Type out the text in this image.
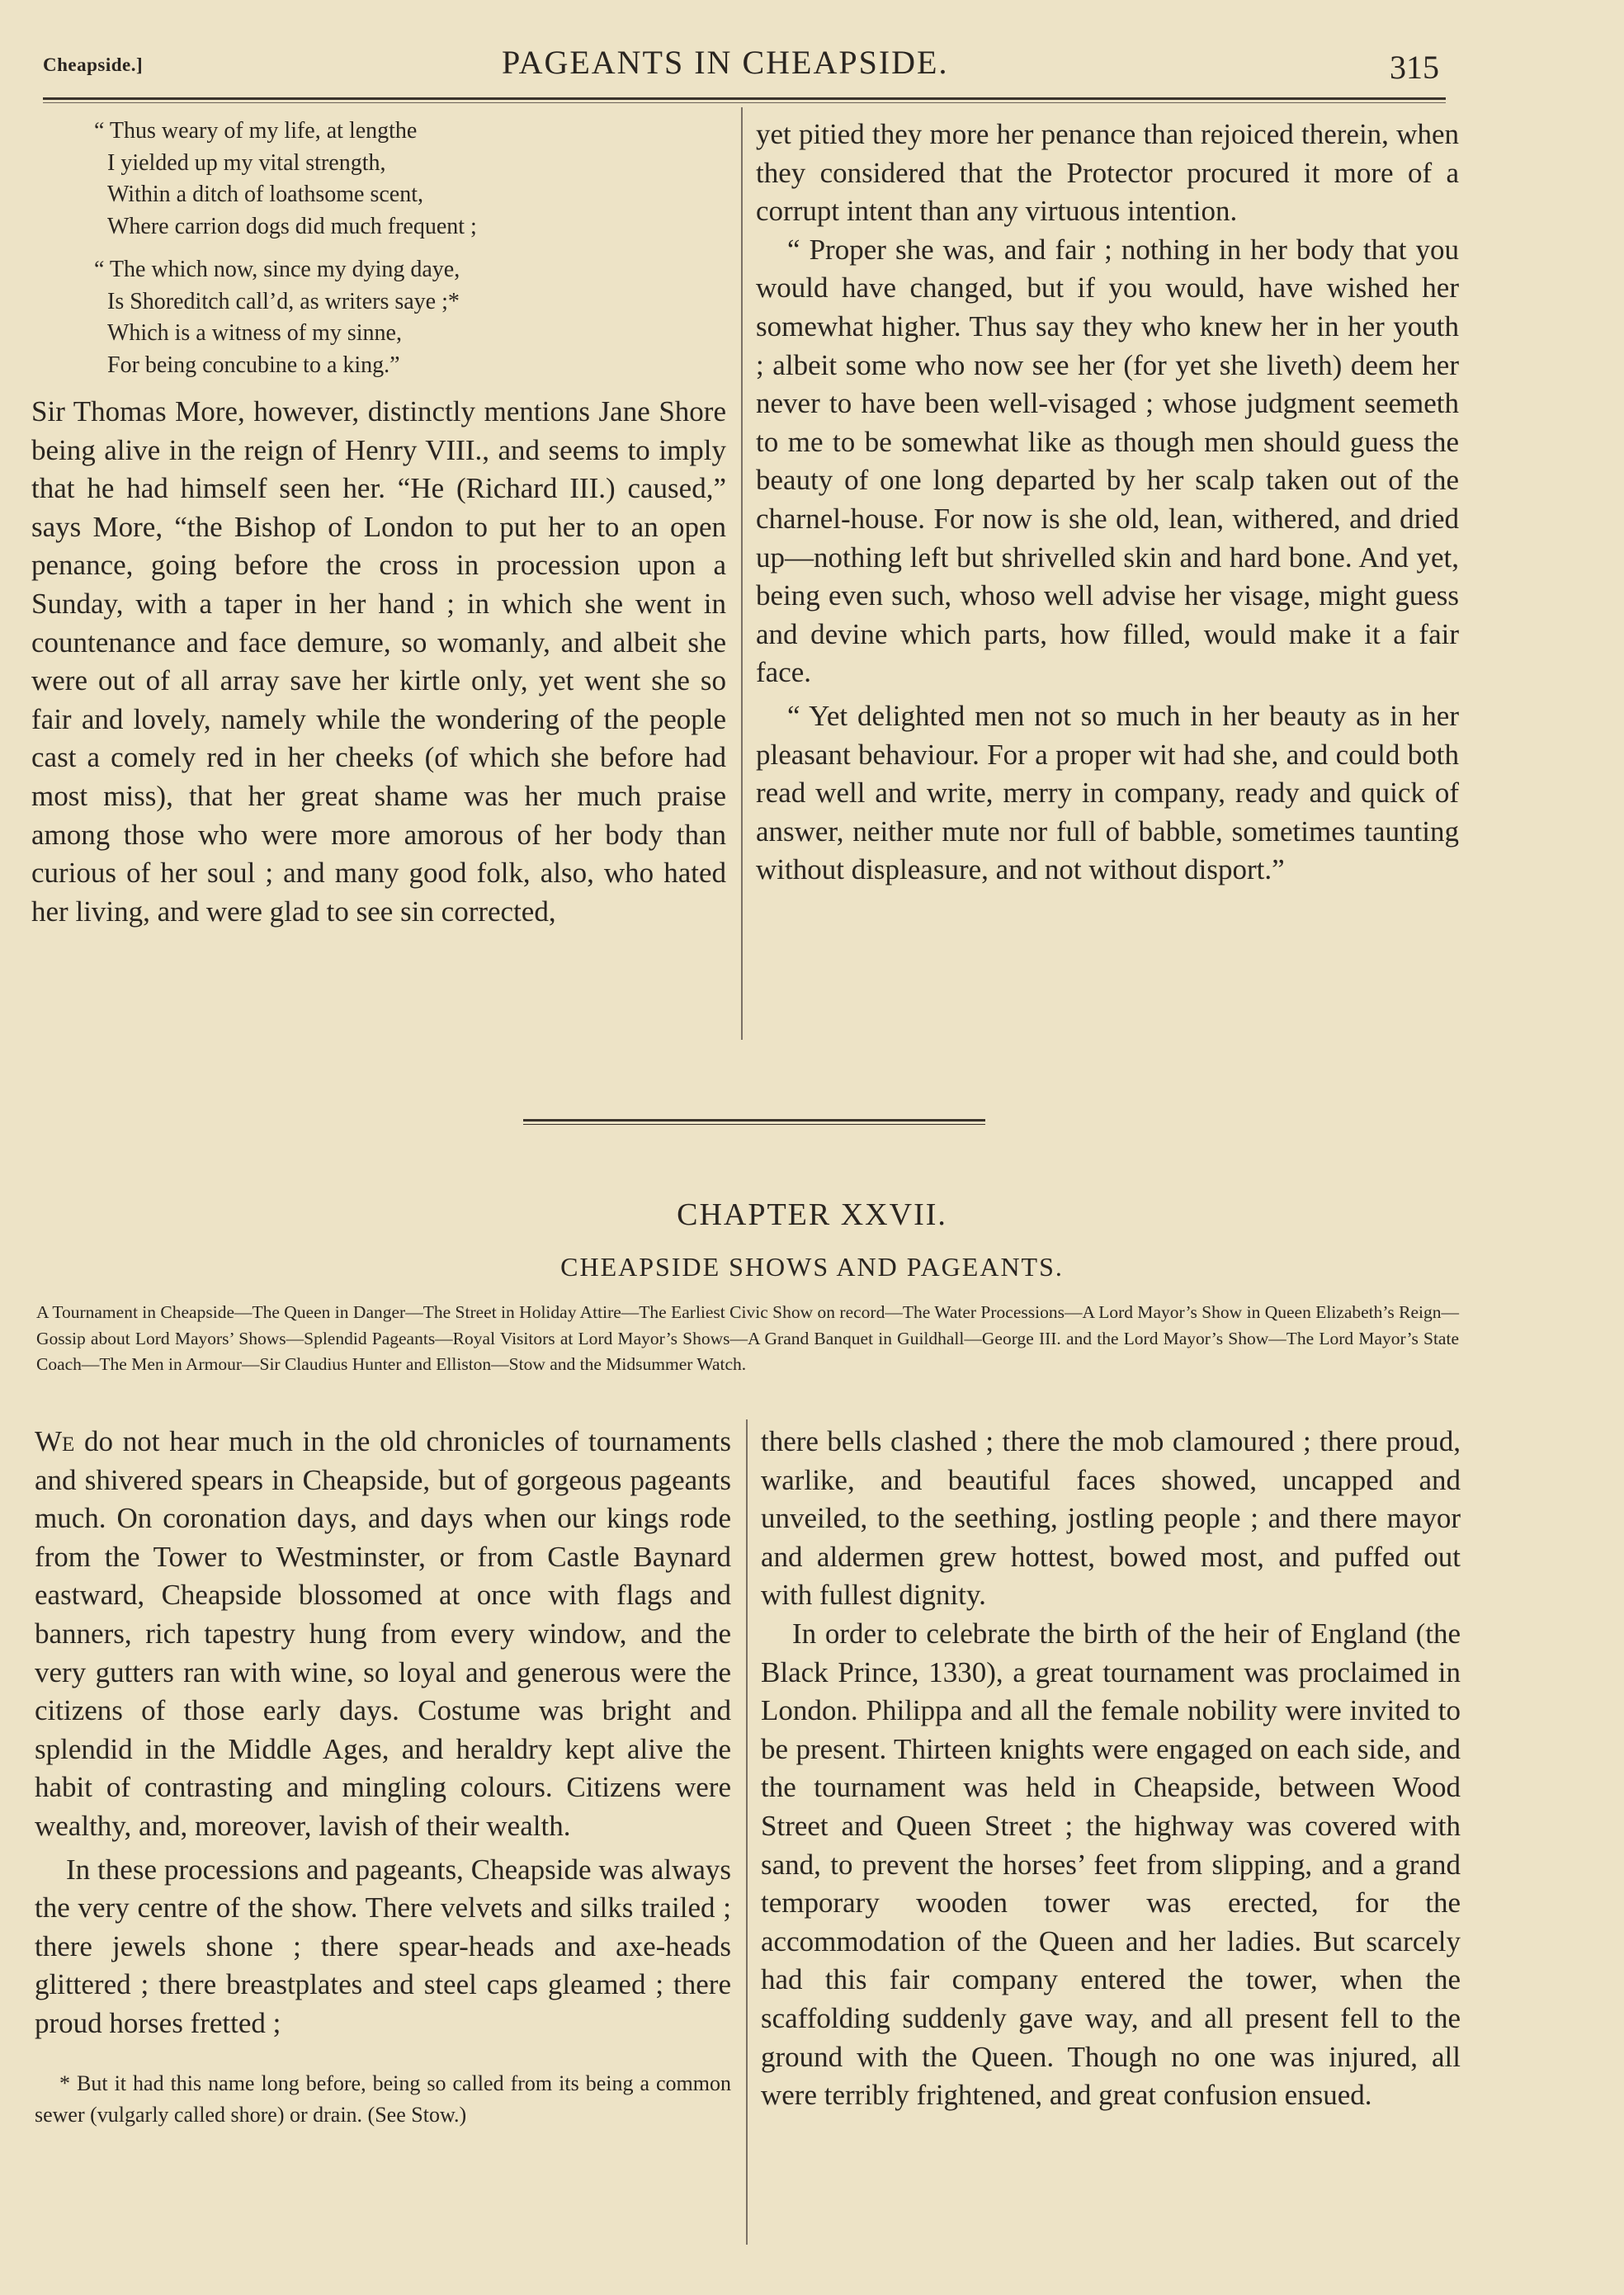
Cheapside.]	PAGEANTS IN CHEAPSIDE.	315
“ Thus weary of my life, at lengthe
I yielded up my vital strength,
Within a ditch of loathsome scent,
Where carrion dogs did much frequent ;
“ The which now, since my dying daye,
Is Shoreditch call’d, as writers saye ;*
Which is a witness of my sinne,
For being concubine to a king.”

Sir Thomas More, however, distinctly mentions Jane Shore being alive in the reign of Henry VIII., and seems to imply that he had himself seen her. “He (Richard III.) caused,” says More, “the Bishop of London to put her to an open penance, going before the cross in procession upon a Sunday, with a taper in her hand ; in which she went in countenance and face demure, so womanly, and albeit she were out of all array save her kirtle only, yet went she so fair and lovely, namely while the wondering of the people cast a comely red in her cheeks (of which she before had most miss), that her great shame was her much praise among those who were more amorous of her body than curious of her soul ; and many good folk, also, who hated her living, and were glad to see sin corrected,

yet pitied they more her penance than rejoiced therein, when they considered that the Protector procured it more of a corrupt intent than any virtuous intention.

“ Proper she was, and fair ; nothing in her body that you would have changed, but if you would, have wished her somewhat higher. Thus say they who knew her in her youth ; albeit some who now see her (for yet she liveth) deem her never to have been well-visaged ; whose judgment seemeth to me to be somewhat like as though men should guess the beauty of one long departed by her scalp taken out of the charnel-house. For now is she old, lean, withered, and dried up—nothing left but shrivelled skin and hard bone. And yet, being even such, whoso well advise her visage, might guess and devine which parts, how filled, would make it a fair face.

“ Yet delighted men not so much in her beauty as in her pleasant behaviour. For a proper wit had she, and could both read well and write, merry in company, ready and quick of answer, neither mute nor full of babble, sometimes taunting without displeasure, and not without disport.”

CHAPTER XXVII.
CHEAPSIDE SHOWS AND PAGEANTS.
A Tournament in Cheapside—The Queen in Danger—The Street in Holiday Attire—The Earliest Civic Show on record—The Water Processions—A Lord Mayor’s Show in Queen Elizabeth’s Reign—Gossip about Lord Mayors’ Shows—Splendid Pageants—Royal Visitors at Lord Mayor’s Shows—A Grand Banquet in Guildhall—George III. and the Lord Mayor’s Show—The Lord Mayor’s State Coach—The Men in Armour—Sir Claudius Hunter and Elliston—Stow and the Midsummer Watch.

We do not hear much in the old chronicles of tournaments and shivered spears in Cheapside, but of gorgeous pageants much. On coronation days, and days when our kings rode from the Tower to Westminster, or from Castle Baynard eastward, Cheapside blossomed at once with flags and banners, rich tapestry hung from every window, and the very gutters ran with wine, so loyal and generous were the citizens of those early days. Costume was bright and splendid in the Middle Ages, and heraldry kept alive the habit of contrasting and mingling colours. Citizens were wealthy, and, moreover, lavish of their wealth.

In these processions and pageants, Cheapside was always the very centre of the show. There velvets and silks trailed ; there jewels shone ; there spear-heads and axe-heads glittered ; there breastplates and steel caps gleamed ; there proud horses fretted ;

* But it had this name long before, being so called from its being a common sewer (vulgarly called shore) or drain. (See Stow.)

there bells clashed ; there the mob clamoured ; there proud, warlike, and beautiful faces showed, uncapped and unveiled, to the seething, jostling people ; and there mayor and aldermen grew hottest, bowed most, and puffed out with fullest dignity.

In order to celebrate the birth of the heir of England (the Black Prince, 1330), a great tournament was proclaimed in London. Philippa and all the female nobility were invited to be present. Thirteen knights were engaged on each side, and the tournament was held in Cheapside, between Wood Street and Queen Street ; the highway was covered with sand, to prevent the horses’ feet from slipping, and a grand temporary wooden tower was erected, for the accommodation of the Queen and her ladies. But scarcely had this fair company entered the tower, when the scaffolding suddenly gave way, and all present fell to the ground with the Queen. Though no one was injured, all were terribly frightened, and great confusion ensued.
